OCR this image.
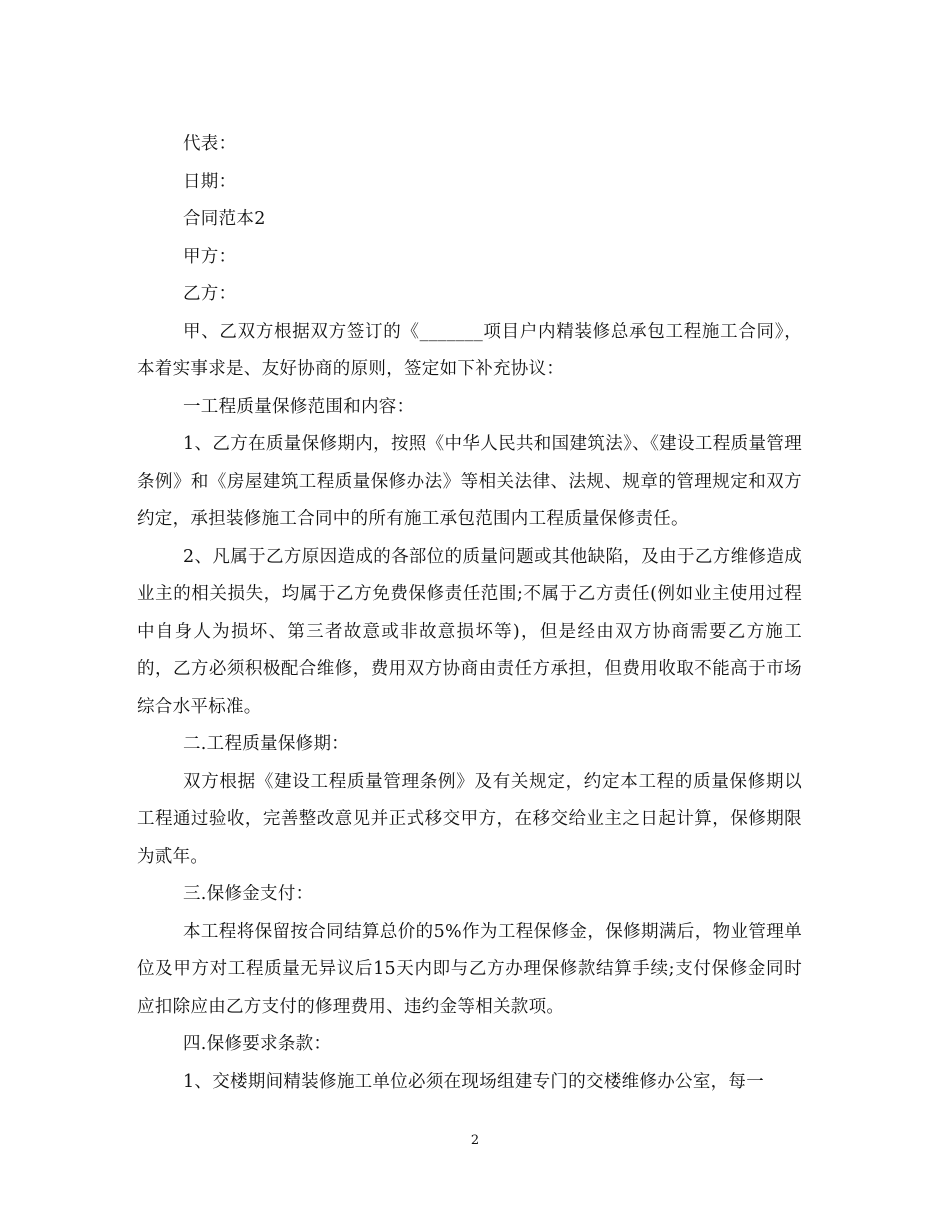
代表：

日期：

合同范本2

甲方：

乙方：

甲、乙双方根据双方签订的《_______项目户内精装修总承包工程施工合同》，本着实事求是、友好协商的原则，签定如下补充协议：

一工程质量保修范围和内容：

1、乙方在质量保修期内，按照《中华人民共和国建筑法》、《建设工程质量管理条例》和《房屋建筑工程质量保修办法》等相关法律、法规、规章的管理规定和双方约定，承担装修施工合同中的所有施工承包范围内工程质量保修责任。

2、凡属于乙方原因造成的各部位的质量问题或其他缺陷，及由于乙方维修造成业主的相关损失，均属于乙方免费保修责任范围;不属于乙方责任(例如业主使用过程中自身人为损坏、第三者故意或非故意损坏等)，但是经由双方协商需要乙方施工的，乙方必须积极配合维修，费用双方协商由责任方承担，但费用收取不能高于市场综合水平标准。

二.工程质量保修期：

双方根据《建设工程质量管理条例》及有关规定，约定本工程的质量保修期以工程通过验收，完善整改意见并正式移交甲方，在移交给业主之日起计算，保修期限为贰年。

三.保修金支付：

本工程将保留按合同结算总价的5%作为工程保修金，保修期满后，物业管理单位及甲方对工程质量无异议后15天内即与乙方办理保修款结算手续;支付保修金同时应扣除应由乙方支付的修理费用、违约金等相关款项。

四.保修要求条款：

1、交楼期间精装修施工单位必须在现场组建专门的交楼维修办公室，每一

2
